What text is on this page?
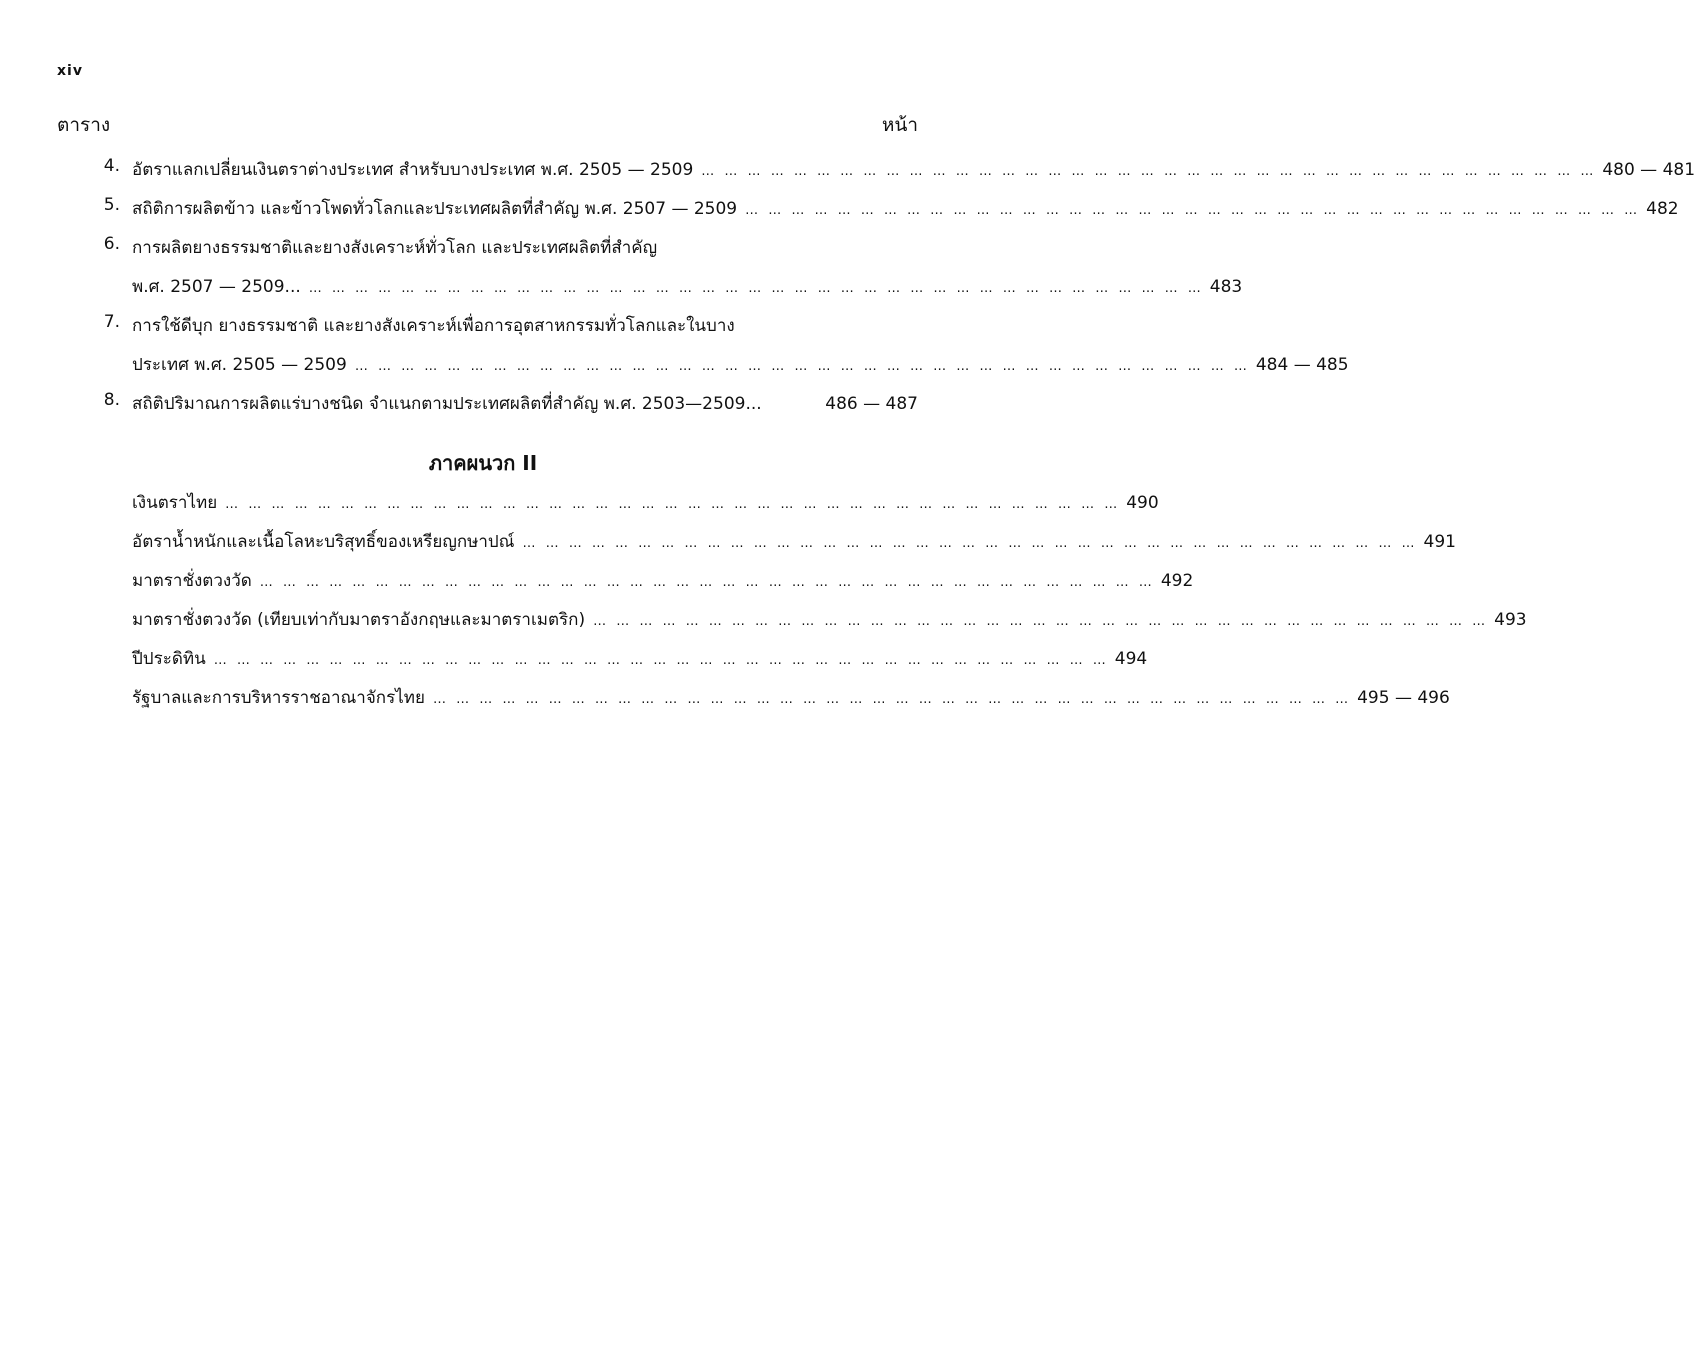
xiv
ตาราง	หน้า
4. อัตราแลกเปลี่ยนเงินตราต่างประเทศ สำหรับบางประเทศ พ.ศ. 2505 — 2509 … … … … … … … … … … … … … … … … … … … … … … … … … … … … … … … … … … … … … … … 480 — 481
5. สถิติการผลิตข้าว และข้าวโพดทั่วโลกและประเทศผลิตที่สำคัญ พ.ศ. 2507 — 2509 … … … … … … … … … … … … … … … … … … … … … … … … … … … … … … … … … … … … … … … 482
6. การผลิตยางธรรมชาติและยางสังเคราะห์ทั่วโลก และประเทศผลิตที่สำคัญ
พ.ศ. 2507 — 2509... … … … … … … … … … … … … … … … … … … … … … … … … … … … … … … … … … … … … … … … 483
7. การใช้ดีบุก ยางธรรมชาติ และยางสังเคราะห์เพื่อการอุตสาหกรรมทั่วโลกและในบาง
ประเทศ พ.ศ. 2505 — 2509 … … … … … … … … … … … … … … … … … … … … … … … … … … … … … … … … … … … … … … … 484 — 485
8. สถิติปริมาณการผลิตแร่บางชนิด จำแนกตามประเทศผลิตที่สำคัญ พ.ศ. 2503—2509...	486 — 487
ภาคผนวก II
เงินตราไทย … … … … … … … … … … … … … … … … … … … … … … … … … … … … … … … … … … … … … … … 490
อัตราน้ำหนักและเนื้อโลหะบริสุทธิ์ของเหรียญกษาปณ์ … … … … … … … … … … … … … … … … … … … … … … … … … … … … … … … … … … … … … … … 491
มาตราชั่งตวงวัด … … … … … … … … … … … … … … … … … … … … … … … … … … … … … … … … … … … … … … … 492
มาตราชั่งตวงวัด (เทียบเท่ากับมาตราอังกฤษและมาตราเมตริก) … … … … … … … … … … … … … … … … … … … … … … … … … … … … … … … … … … … … … … … 493
ปีประดิทิน … … … … … … … … … … … … … … … … … … … … … … … … … … … … … … … … … … … … … … … 494
รัฐบาลและการบริหารราชอาณาจักรไทย … … … … … … … … … … … … … … … … … … … … … … … … … … … … … … … … … … … … … … … … 495 — 496
